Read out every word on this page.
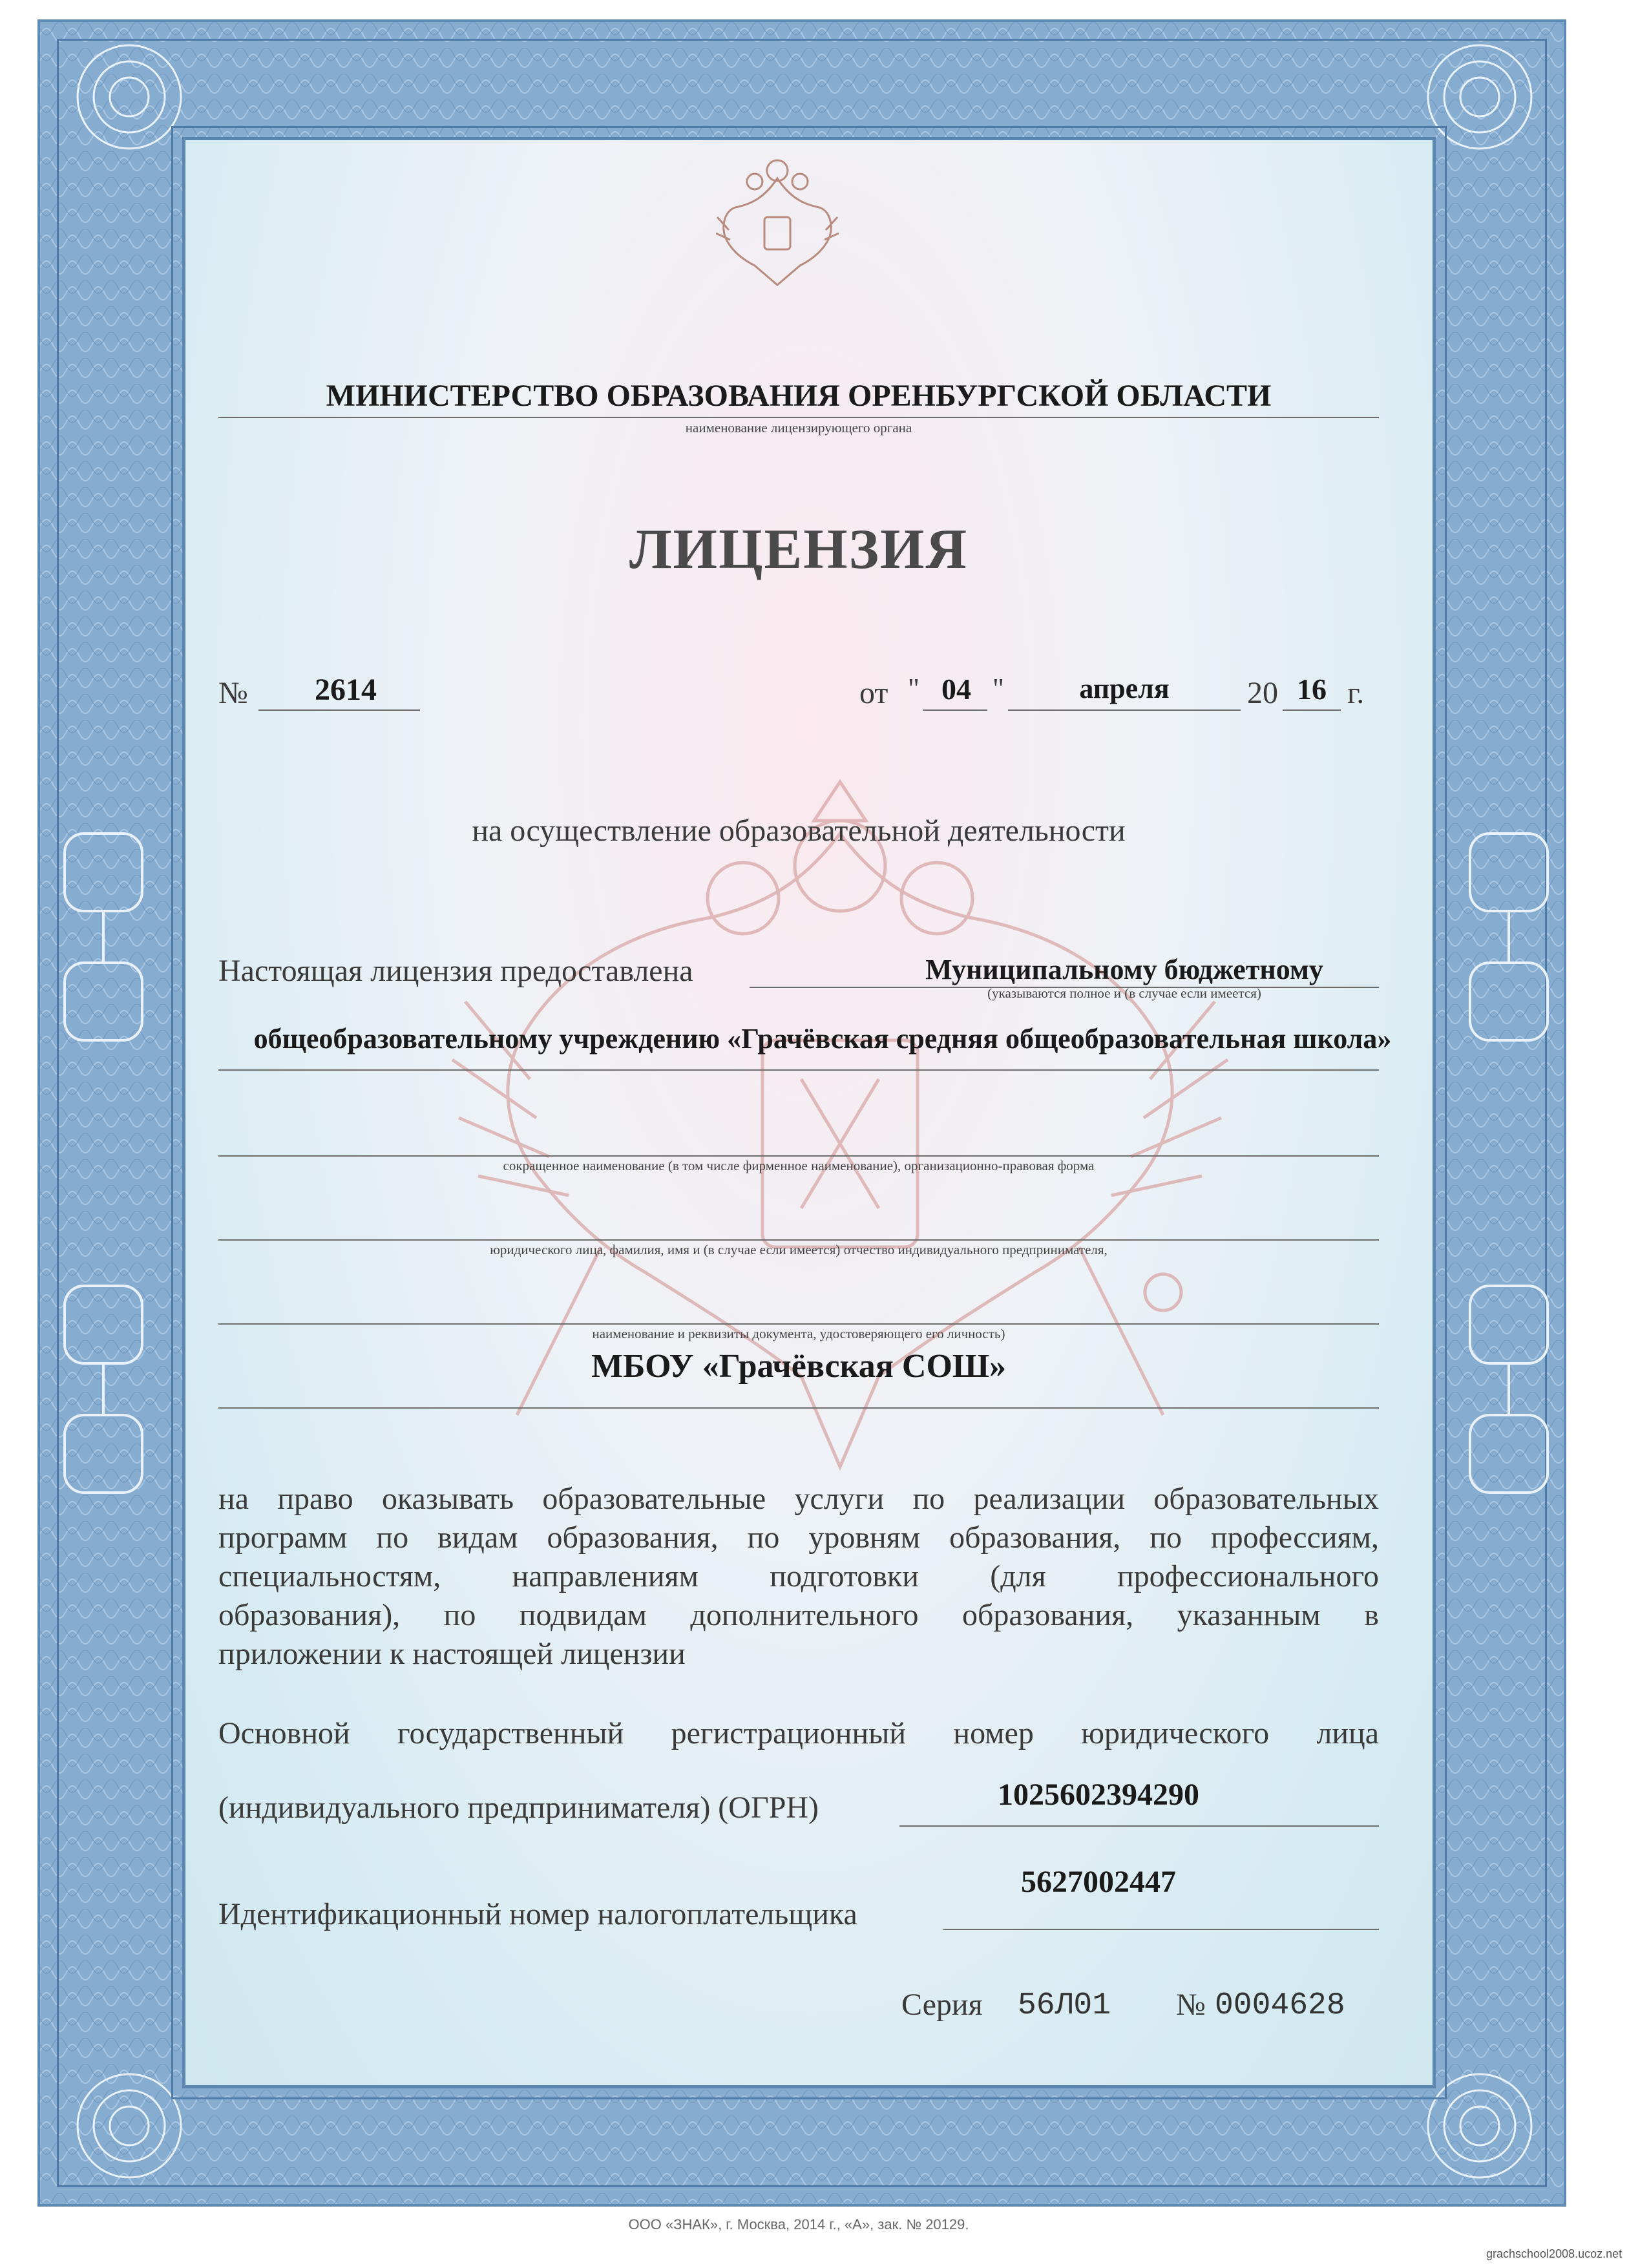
МИНИСТЕРСТВО ОБРАЗОВАНИЯ ОРЕНБУРГСКОЙ ОБЛАСТИ
наименование лицензирующего органа
ЛИЦЕНЗИЯ
№	2614	от " 04 "	апреля	20 16 г.
на осуществление образовательной деятельности
Настоящая лицензия предоставлена	Муниципальному бюджетному
(указываются полное и (в случае если имеется)
общеобразовательному учреждению «Грачёвская средняя общеобразовательная школа»
сокращенное наименование (в том числе фирменное наименование), организационно-правовая форма
юридического лица, фамилия, имя и (в случае если имеется) отчество индивидуального предпринимателя,
наименование и реквизиты документа, удостоверяющего его личность)
МБОУ «Грачёвская СОШ»
на право оказывать образовательные услуги по реализации образовательных
программ по видам образования, по уровням образования, по профессиям,
специальностям, направлениям подготовки (для профессионального
образования), по подвидам дополнительного образования, указанным в
приложении к настоящей лицензии
Основной государственный регистрационный номер юридического лица
(индивидуального предпринимателя) (ОГРН)	1025602394290
5627002447
Идентификационный номер налогоплательщика
Серия 56Л01 № 0004628
ООО «ЗНАК», г. Москва, 2014 г., «А», зак. № 20129.
grachschool2008.ucoz.net
